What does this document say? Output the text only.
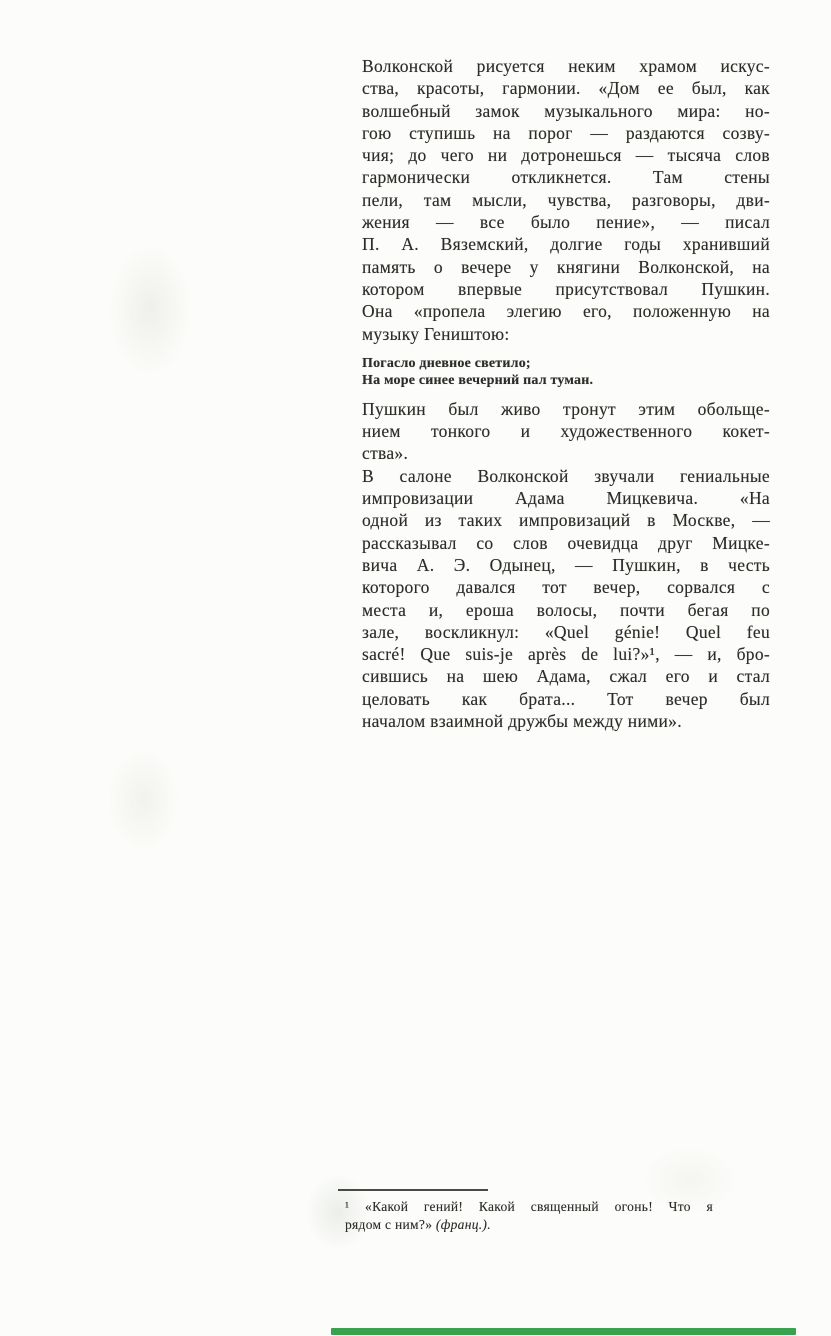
Волконской рисуется неким храмом искус-
ства, красоты, гармонии. «Дом ее был, как
волшебный замок музыкального мира: но-
гою ступишь на порог — раздаются созву-
чия; до чего ни дотронешься — тысяча слов
гармонически откликнется. Там стены
пели, там мысли, чувства, разговоры, дви-
жения — все было пение», — писал
П. А. Вяземский, долгие годы хранивший
память о вечере у княгини Волконской, на
котором впервые присутствовал Пушкин.
Она «пропела элегию его, положенную на
музыку Геништою:
Погасло дневное светило;
На море синее вечерний пал туман.
Пушкин был живо тронут этим обольще-
нием тонкого и художественного кокет-
ства».
В салоне Волконской звучали гениальные
импровизации Адама Мицкевича. «На
одной из таких импровизаций в Москве, —
рассказывал со слов очевидца друг Мицке-
вича А. Э. Одынец, — Пушкин, в честь
которого давался тот вечер, сорвался с
места и, ероша волосы, почти бегая по
зале, воскликнул: «Quel génie! Quel feu
sacré! Que suis-je après de lui?»¹, — и, бро-
сившись на шею Адама, сжал его и стал
целовать как брата... Тот вечер был
началом взаимной дружбы между ними».
¹ «Какой гений! Какой священный огонь! Что я
рядом с ним?» (франц.).
